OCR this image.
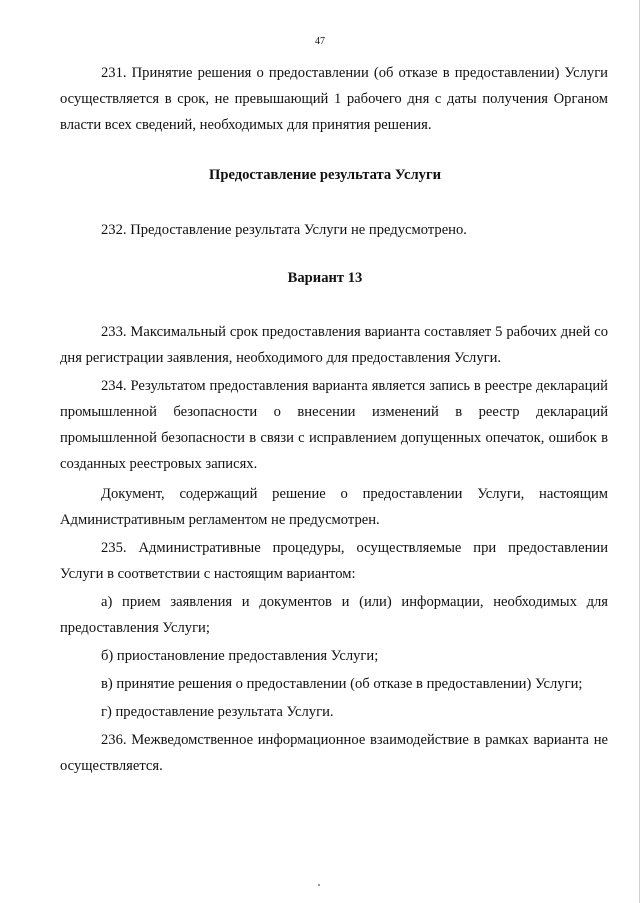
47

231. Принятие решения о предоставлении (об отказе в предоставлении) Услуги осуществляется в срок, не превышающий 1 рабочего дня с даты получения Органом власти всех сведений, необходимых для принятия решения.

Предоставление результата Услуги

232. Предоставление результата Услуги не предусмотрено.

Вариант 13

233. Максимальный срок предоставления варианта составляет 5 рабочих дней со дня регистрации заявления, необходимого для предоставления Услуги.

234. Результатом предоставления варианта является запись в реестре деклараций промышленной безопасности о внесении изменений в реестр деклараций промышленной безопасности в связи с исправлением допущенных опечаток, ошибок в созданных реестровых записях.

Документ, содержащий решение о предоставлении Услуги, настоящим Административным регламентом не предусмотрен.

235. Административные процедуры, осуществляемые при предоставлении Услуги в соответствии с настоящим вариантом:

а) прием заявления и документов и (или) информации, необходимых для предоставления Услуги;

б) приостановление предоставления Услуги;

в) принятие решения о предоставлении (об отказе в предоставлении) Услуги;

г) предоставление результата Услуги.

236. Межведомственное информационное взаимодействие в рамках варианта не осуществляется.
